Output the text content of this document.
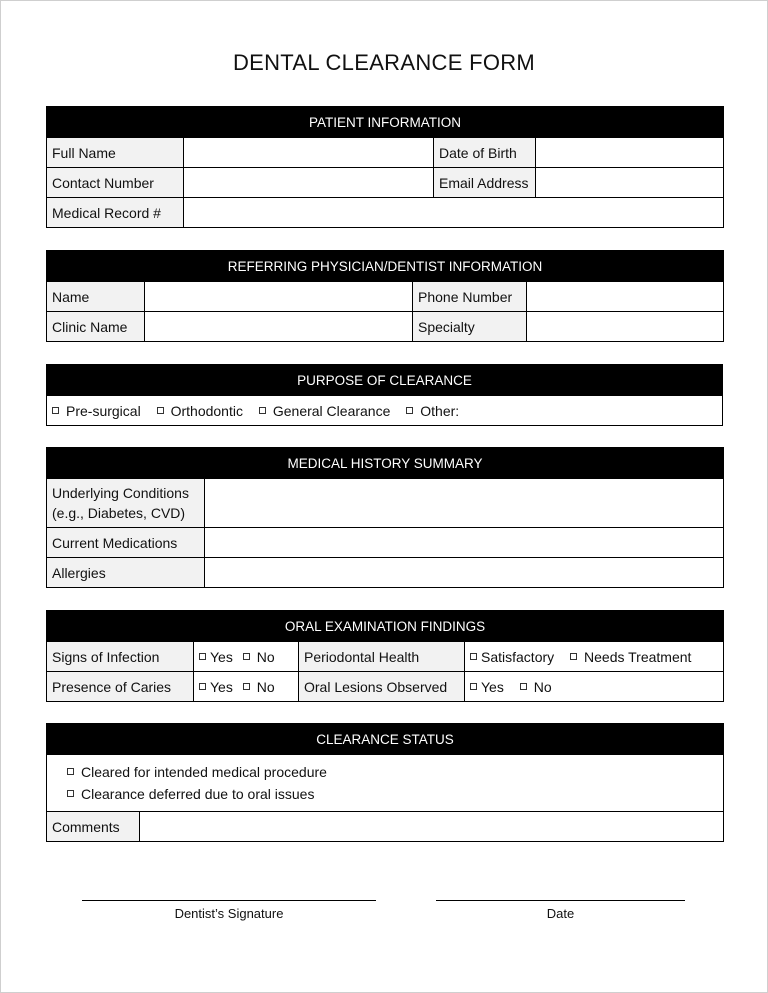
DENTAL CLEARANCE FORM
PATIENT INFORMATION			
Full Name		Date of Birth	
Contact Number		Email Address	
Medical Record #			
REFERRING PHYSICIAN/DENTIST INFORMATION			
Name		Phone Number	
Clinic Name		Specialty	
PURPOSE OF CLEARANCE
Pre-surgical Orthodontic General Clearance Other:
MEDICAL HISTORY SUMMARY	
Underlying Conditions
(e.g., Diabetes, CVD)	
Current Medications	
Allergies	
ORAL EXAMINATION FINDINGS			
Signs of Infection	Yes No	Periodontal Health	Satisfactory Needs Treatment
Presence of Caries	Yes No	Oral Lesions Observed	Yes No
CLEARANCE STATUS

Cleared for intended medical procedure
Clearance deferred due to oral issues

Comments	
Dentist’s Signature	Date
